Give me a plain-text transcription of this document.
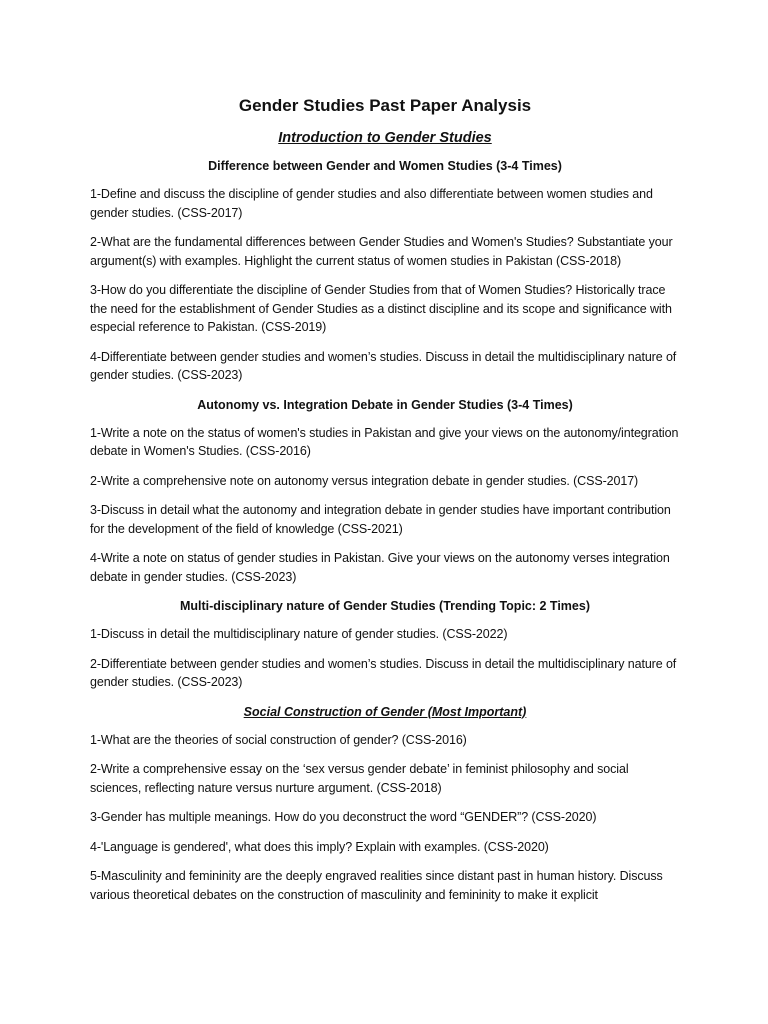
Gender Studies Past Paper Analysis
Introduction to Gender Studies
Difference between Gender and Women Studies (3-4 Times)
1-Define and discuss the discipline of gender studies and also differentiate between women studies and gender studies. (CSS-2017)
2-What are the fundamental differences between Gender Studies and Women's Studies? Substantiate your argument(s) with examples. Highlight the current status of women studies in Pakistan (CSS-2018)
3-How do you differentiate the discipline of Gender Studies from that of Women Studies? Historically trace the need for the establishment of Gender Studies as a distinct discipline and its scope and significance with especial reference to Pakistan. (CSS-2019)
4-Differentiate between gender studies and women’s studies. Discuss in detail the multidisciplinary nature of gender studies. (CSS-2023)
Autonomy vs. Integration Debate in Gender Studies (3-4 Times)
1-Write a note on the status of women's studies in Pakistan and give your views on the autonomy/integration debate in Women's Studies. (CSS-2016)
2-Write a comprehensive note on autonomy versus integration debate in gender studies. (CSS-2017)
3-Discuss in detail what the autonomy and integration debate in gender studies have important contribution for the development of the field of knowledge (CSS-2021)
4-Write a note on status of gender studies in Pakistan. Give your views on the autonomy verses integration debate in gender studies. (CSS-2023)
Multi-disciplinary nature of Gender Studies (Trending Topic: 2 Times)
1-Discuss in detail the multidisciplinary nature of gender studies. (CSS-2022)
2-Differentiate between gender studies and women’s studies. Discuss in detail the multidisciplinary nature of gender studies. (CSS-2023)
Social Construction of Gender (Most Important)
1-What are the theories of social construction of gender? (CSS-2016)
2-Write a comprehensive essay on the ‘sex versus gender debate’ in feminist philosophy and social sciences, reflecting nature versus nurture argument. (CSS-2018)
3-Gender has multiple meanings. How do you deconstruct the word “GENDER”? (CSS-2020)
4-'Language is gendered', what does this imply? Explain with examples. (CSS-2020)
5-Masculinity and femininity are the deeply engraved realities since distant past in human history. Discuss various theoretical debates on the construction of masculinity and femininity to make it explicit
